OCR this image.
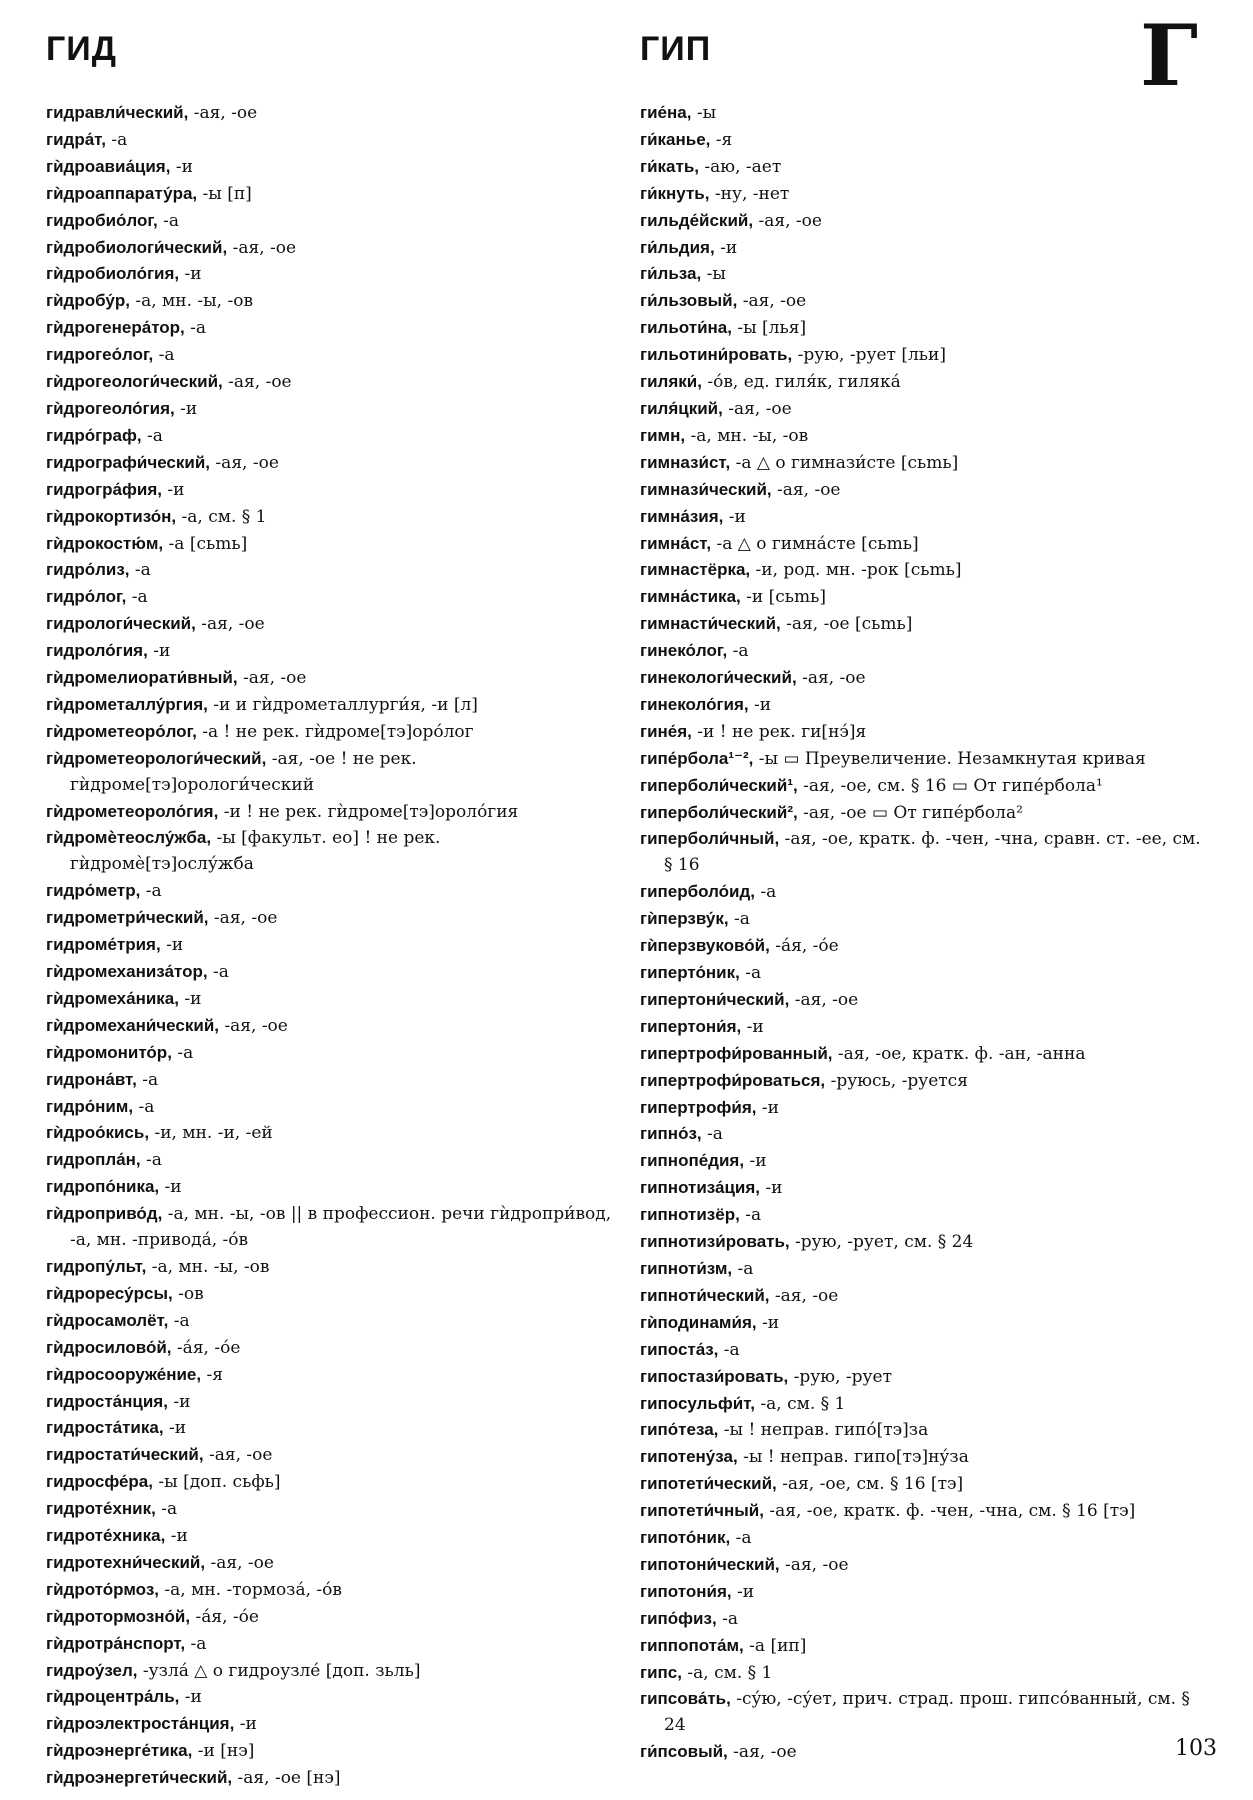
ГИД	ГИП	Г
гидравли́ческий, -ая, -ое
гидра́т, -а
гѝдроавиа́ция, -и
гѝдроаппарату́ра, -ы [п]
гидробио́лог, -а
гѝдробиологи́ческий, -ая, -ое
гѝдробиоло́гия, -и
гѝдробу́р, -а, мн. -ы, -ов
гѝдрогенера́тор, -а
гидрогео́лог, -а
гѝдрогеологи́ческий, -ая, -ое
гѝдрогеоло́гия, -и
гидро́граф, -а
гидрографи́ческий, -ая, -ое
гидрогра́фия, -и
гѝдрокортизо́н, -а, см. § 1
гѝдрокостю́м, -а [cьmь]
гидро́лиз, -а
гидро́лог, -а
гидрологи́ческий, -ая, -ое
гидроло́гия, -и
гѝдромелиорати́вный, -ая, -ое
гѝдрометаллу́ргия, -и и гѝдрометаллурги́я, -и [л]
гѝдрометеоро́лог, -а ! не рек. гѝдроме[тэ]оро́лог
гѝдрометеорологи́ческий, -ая, -ое ! не рек. гѝдроме[тэ]орологи́ческий
гѝдрометеороло́гия, -и ! не рек. гѝдроме[тэ]ороло́гия
гѝдромѐтеослу́жба, -ы [факульт. ео] ! не рек. гѝдромѐ[тэ]ослу́жба
гидро́метр, -а
гидрометри́ческий, -ая, -ое
гидроме́трия, -и
гѝдромеханиза́тор, -а
гѝдромеха́ника, -и
гѝдромехани́ческий, -ая, -ое
гѝдромонито́р, -а
гидрона́вт, -а
гидро́ним, -а
гѝдроо́кись, -и, мн. -и, -ей
гидропла́н, -а
гидропо́ника, -и
гѝдроприво́д, -а, мн. -ы, -ов || в профессион. речи гѝдропри́вод, -а, мн. -привода́, -о́в
гидропу́льт, -а, мн. -ы, -ов
гѝдроресу́рсы, -ов
гѝдросамолёт, -а
гѝдросилово́й, -а́я, -о́е
гѝдросооруже́ние, -я
гидроста́нция, -и
гидроста́тика, -и
гидростати́ческий, -ая, -ое
гидросфе́ра, -ы [доп. сьфь]
гидроте́хник, -а
гидроте́хника, -и
гидротехни́ческий, -ая, -ое
гѝдрото́рмоз, -а, мн. -тормоза́, -о́в
гѝдротормозно́й, -а́я, -о́е
гѝдротра́нспорт, -а
гидроу́зел, -узла́ △ о гидроузле́ [доп. зьль]
гѝдроцентра́ль, -и
гѝдроэлектроста́нция, -и
гѝдроэнерге́тика, -и [нэ]
гѝдроэнергети́ческий, -ая, -ое [нэ]
гие́на, -ы
ги́канье, -я
ги́кать, -аю, -ает
ги́кнуть, -ну, -нет
гильде́йский, -ая, -ое
ги́льдия, -и
ги́льза, -ы
ги́льзовый, -ая, -ое
гильоти́на, -ы [лья]
гильотини́ровать, -рую, -рует [льи]
гиляки́, -о́в, ед. гиля́к, гиляка́
гиля́цкий, -ая, -ое
гимн, -а, мн. -ы, -ов
гимнази́ст, -а △ о гимнази́сте [сьmь]
гимнази́ческий, -ая, -ое
гимна́зия, -и
гимна́ст, -а △ о гимна́сте [сьmь]
гимнастёрка, -и, род. мн. -рок [сьmь]
гимна́стика, -и [сьmь]
гимнасти́ческий, -ая, -ое [сьmь]
гинеко́лог, -а
гинекологи́ческий, -ая, -ое
гинеколо́гия, -и
гине́я, -и ! не рек. ги[нэ́]я
гипе́рбола¹⁻², -ы ▭ Преувеличение. Незамкнутая кривая
гиперболи́ческий¹, -ая, -ое, см. § 16 ▭ От гипе́рбола¹
гиперболи́ческий², -ая, -ое ▭ От гипе́рбола²
гиперболи́чный, -ая, -ое, кратк. ф. -чен, -чна, сравн. ст. -ее, см. § 16
гиперболо́ид, -а
гѝперзву́к, -а
гѝперзвуково́й, -а́я, -о́е
гиперто́ник, -а
гипертони́ческий, -ая, -ое
гипертони́я, -и
гипертрофи́рованный, -ая, -ое, кратк. ф. -ан, -анна
гипертрофи́роваться, -руюсь, -руется
гипертрофи́я, -и
гипно́з, -а
гипнопе́дия, -и
гипнотиза́ция, -и
гипнотизёр, -а
гипнотизи́ровать, -рую, -рует, см. § 24
гипноти́зм, -а
гипноти́ческий, -ая, -ое
гѝподинами́я, -и
гипоста́з, -а
гипостази́ровать, -рую, -рует
гипосульфи́т, -а, см. § 1
гипо́теза, -ы ! неправ. гипо́[тэ]за
гипотену́за, -ы ! неправ. гипо[тэ]ну́за
гипотети́ческий, -ая, -ое, см. § 16 [тэ]
гипотети́чный, -ая, -ое, кратк. ф. -чен, -чна, см. § 16 [тэ]
гипото́ник, -а
гипотони́ческий, -ая, -ое
гипотони́я, -и
гипо́физ, -а
гиппопота́м, -а [ип]
гипс, -а, см. § 1
гипсова́ть, -су́ю, -су́ет, прич. страд. прош. гипсо́ванный, см. § 24
ги́псовый, -ая, -ое	103
